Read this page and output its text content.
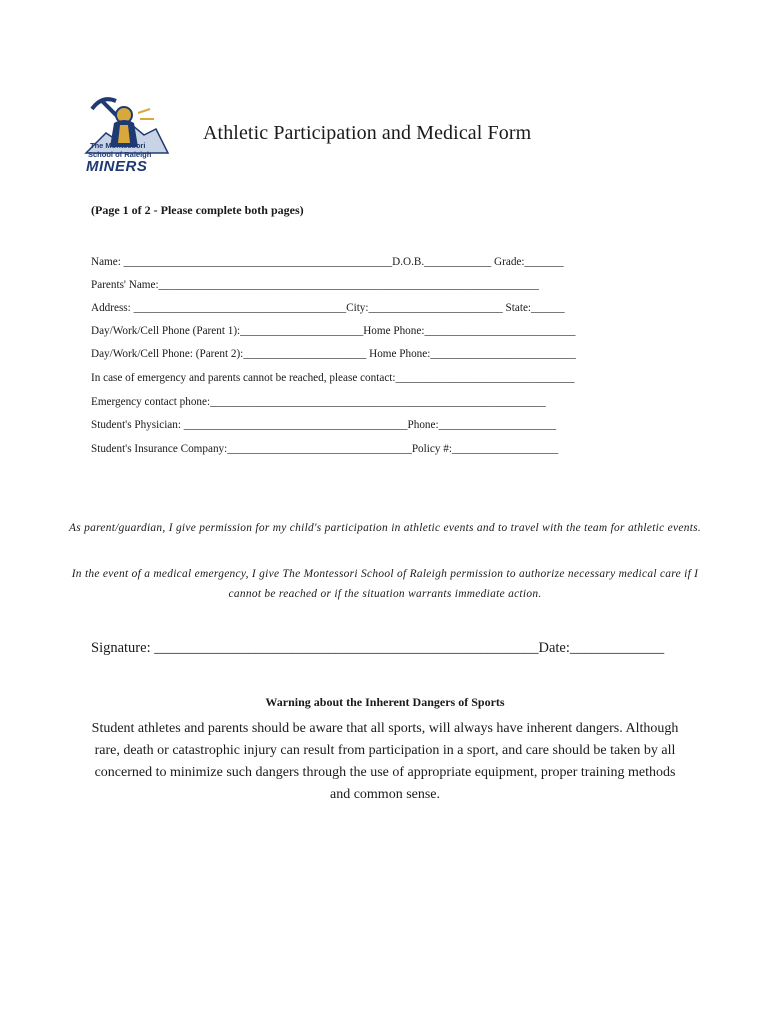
The Montessori
School of Raleigh
MINERS
Athletic Participation and Medical Form
(Page 1 of 2 - Please complete both pages)
Name: ________________________________________________D.O.B.____________ Grade:_______
Parents' Name:____________________________________________________________________
Address: ______________________________________City:________________________ State:______
Day/Work/Cell Phone (Parent 1):______________________Home Phone:___________________________
Day/Work/Cell Phone: (Parent 2):______________________ Home Phone:__________________________
In case of emergency and parents cannot be reached, please contact:________________________________
Emergency contact phone:____________________________________________________________
Student's Physician: ________________________________________Phone:_____________________
Student's Insurance Company:_________________________________Policy #:___________________
As parent/guardian, I give permission for my child's participation in athletic events and to travel with the team for athletic events.
In the event of a medical emergency, I give The Montessori School of Raleigh permission to authorize necessary medical care if I cannot be reached or if the situation warrants immediate action.
Signature: _____________________________________________________Date:_____________
Warning about the Inherent Dangers of Sports
Student athletes and parents should be aware that all sports, will always have inherent dangers. Although rare, death or catastrophic injury can result from participation in a sport, and care should be taken by all concerned to minimize such dangers through the use of appropriate equipment, proper training methods and common sense.
